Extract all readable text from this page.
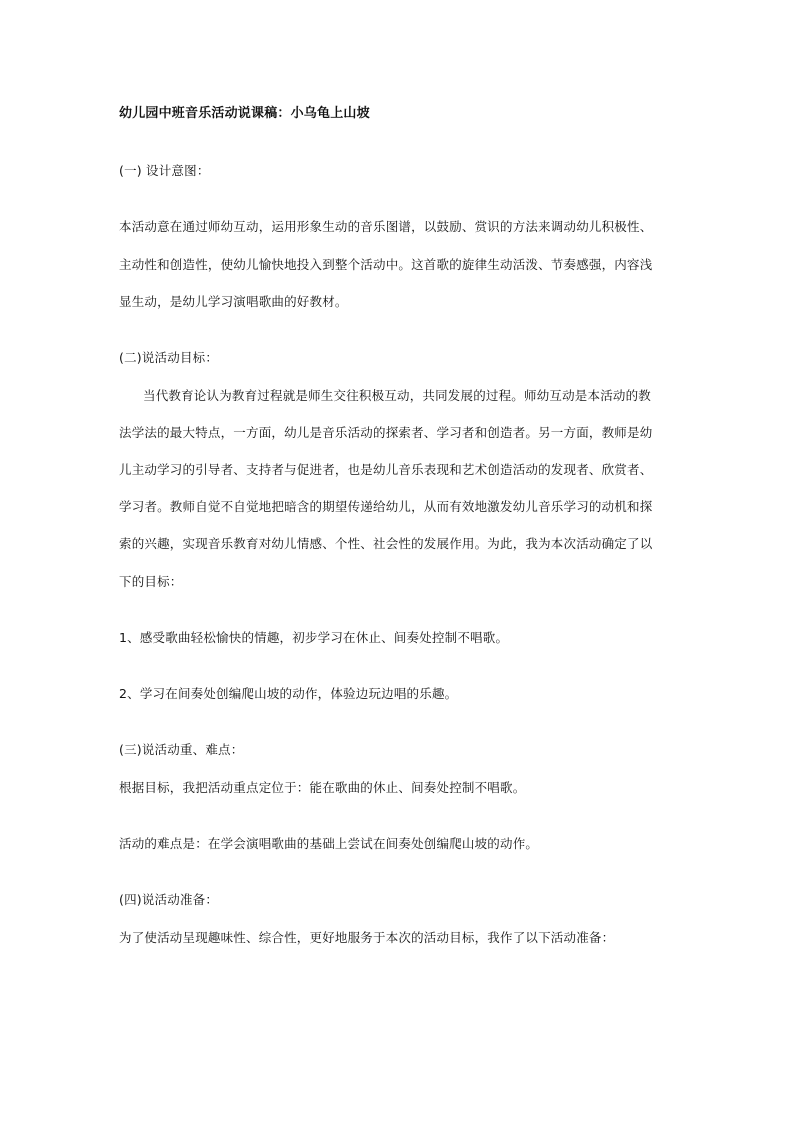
幼儿园中班音乐活动说课稿：小乌龟上山坡
(一) 设计意图：
本活动意在通过师幼互动，运用形象生动的音乐图谱，以鼓励、赏识的方法来调动幼儿积极性、
主动性和创造性，使幼儿愉快地投入到整个活动中。这首歌的旋律生动活泼、节奏感强，内容浅
显生动，是幼儿学习演唱歌曲的好教材。
(二)说活动目标：
当代教育论认为教育过程就是师生交往积极互动，共同发展的过程。师幼互动是本活动的教
法学法的最大特点，一方面，幼儿是音乐活动的探索者、学习者和创造者。另一方面，教师是幼
儿主动学习的引导者、支持者与促进者，也是幼儿音乐表现和艺术创造活动的发现者、欣赏者、
学习者。教师自觉不自觉地把暗含的期望传递给幼儿，从而有效地激发幼儿音乐学习的动机和探
索的兴趣，实现音乐教育对幼儿情感、个性、社会性的发展作用。为此，我为本次活动确定了以
下的目标：
1、感受歌曲轻松愉快的情趣，初步学习在休止、间奏处控制不唱歌。
2、学习在间奏处创编爬山坡的动作，体验边玩边唱的乐趣。
(三)说活动重、难点：
根据目标，我把活动重点定位于：能在歌曲的休止、间奏处控制不唱歌。
活动的难点是：在学会演唱歌曲的基础上尝试在间奏处创编爬山坡的动作。
(四)说活动准备：
为了使活动呈现趣味性、综合性，更好地服务于本次的活动目标，我作了以下活动准备：
